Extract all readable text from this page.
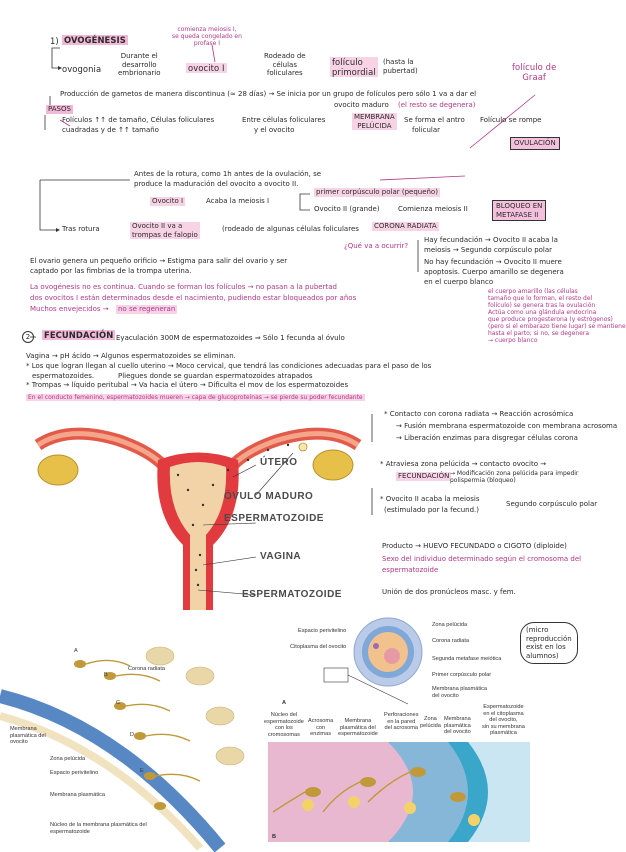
1) OVOGÉNESIS
comienza meiosis I,
se queda congelado en
profase I
ovogonia
Durante el
desarrollo
embrionario	ovocito I
Rodeado de
células
foliculares
folículo
primordial
(hasta la
pubertad)	folículo de
Graaf
Producción de gametos de manera discontinua (≈ 28 días) → Se inicia por un grupo de folículos pero sólo 1 va a dar el
ovocito maduro (el resto se degenera)
PASOS
Folículos ↑↑ de tamaño, Células foliculares
cuadradas y de ↑↑ tamaño
Entre células foliculares
y el ovocito
MEMBRANA
PELÚCIDA
Se forma el antro
folicular
Folículo se rompe
OVULACIÓN
Antes de la rotura, como 1h antes de la ovulación, se
produce la maduración del ovocito a ovocito II.
Ovocito I	Acaba la meiosis I
primer corpúsculo polar (pequeño)
Ovocito II (grande)	Comienza meiosis II	BLOQUEO EN
METAFASE II
Tras rotura	Ovocito II va a
trompas de falopio
(rodeado de algunas células foliculares CORONA RADIATA
¿Qué va a ocurrir?
Hay fecundación → Ovocito II acaba la
meiosis → Segundo corpúsculo polar
No hay fecundación → Ovocito II muere
apoptosis. Cuerpo amarillo se degenera
en el cuerpo blanco
el cuerpo amarillo (las células
tamaño que lo forman, el resto del
folículo) se genera tras la ovulación
Actúa como una glándula endocrina
que produce progesterona (y estrógenos)
(pero si el embarazo tiene lugar) se mantiene
hasta el parto; si no, se degenera
→ cuerpo blanco
El ovario genera un pequeño orificio → Estigma para salir del ovario y ser
captado por las fimbrias de la trompa uterina.
La ovogénesis no es continua. Cuando se forman los folículos → no pasan a la pubertad
dos ovocitos I están determinados desde el nacimiento, pudiendo estar bloqueados por años
Muchos envejecidos → no se regeneran
2	FECUNDACIÓN Eyaculación 300M de espermatozoides ⇒ Sólo 1 fecunda al óvulo
Vagina → pH ácido → Algunos espermatozoides se eliminan.
* Los que logran llegan al cuello uterino → Moco cervical, que tendrá las condiciones adecuadas para el paso de los
espermatozoides.	Pliegues donde se guardan espermatozoides atrapados
* Trompas → líquido peritubal → Va hacia el útero → Dificulta el mov de los espermatozoides
En el conducto femenino, espermatozoides mueren → capa de glucoproteínas → se pierde su poder fecundante
ÚTERO
ÓVULO MADURO
ESPERMATOZOIDE
VAGINA
ESPERMATOZOIDE
* Contacto con corona radiata → Reacción acrosómica
→ Fusión membrana espermatozoide con membrana acrosoma
→ Liberación enzimas para disgregar células corona
* Atraviesa zona pelúcida → contacto ovocito →
FECUNDACIÓN → Modificación zona pelúcida para impedir polispermia (bloqueo)
* Ovocito II acaba la meiosis
(estimulado por la fecund.)
Segundo corpúsculo polar
Producto → HUEVO FECUNDADO o CIGOTO (diploide)
Sexo del individuo determinado según el cromosoma del
espermatozoide
Unión de dos pronúcleos masc. y fem.
(micro
reproducción
exist en los
alumnos)
A
B
C
D
E
Corona radiata
Membrana plasmática
Zona pelúcida
Espacio perivitelino
Membrana plasmática del ovocito
Núcleo de la membrana plasmática del espermatozoide
Espacio perivitelino
Citoplasma del ovocito
Zona pelúcida
Corona radiata
Segunda metafase meiótica
Primer corpúsculo polar
Membrana plasmática
del ovocito
A
Núcleo del
espermatozoide
con los
cromosomas
Acrosoma
con
enzimas
Membrana
plasmática del
espermatozoide
Perforaciones
en la pared
del acrosoma
Zona
pelúcida
Membrana
plasmática
del ovocito
Espermatozoide
en el citoplasma
del ovocito,
sin su membrana
plasmática
B
